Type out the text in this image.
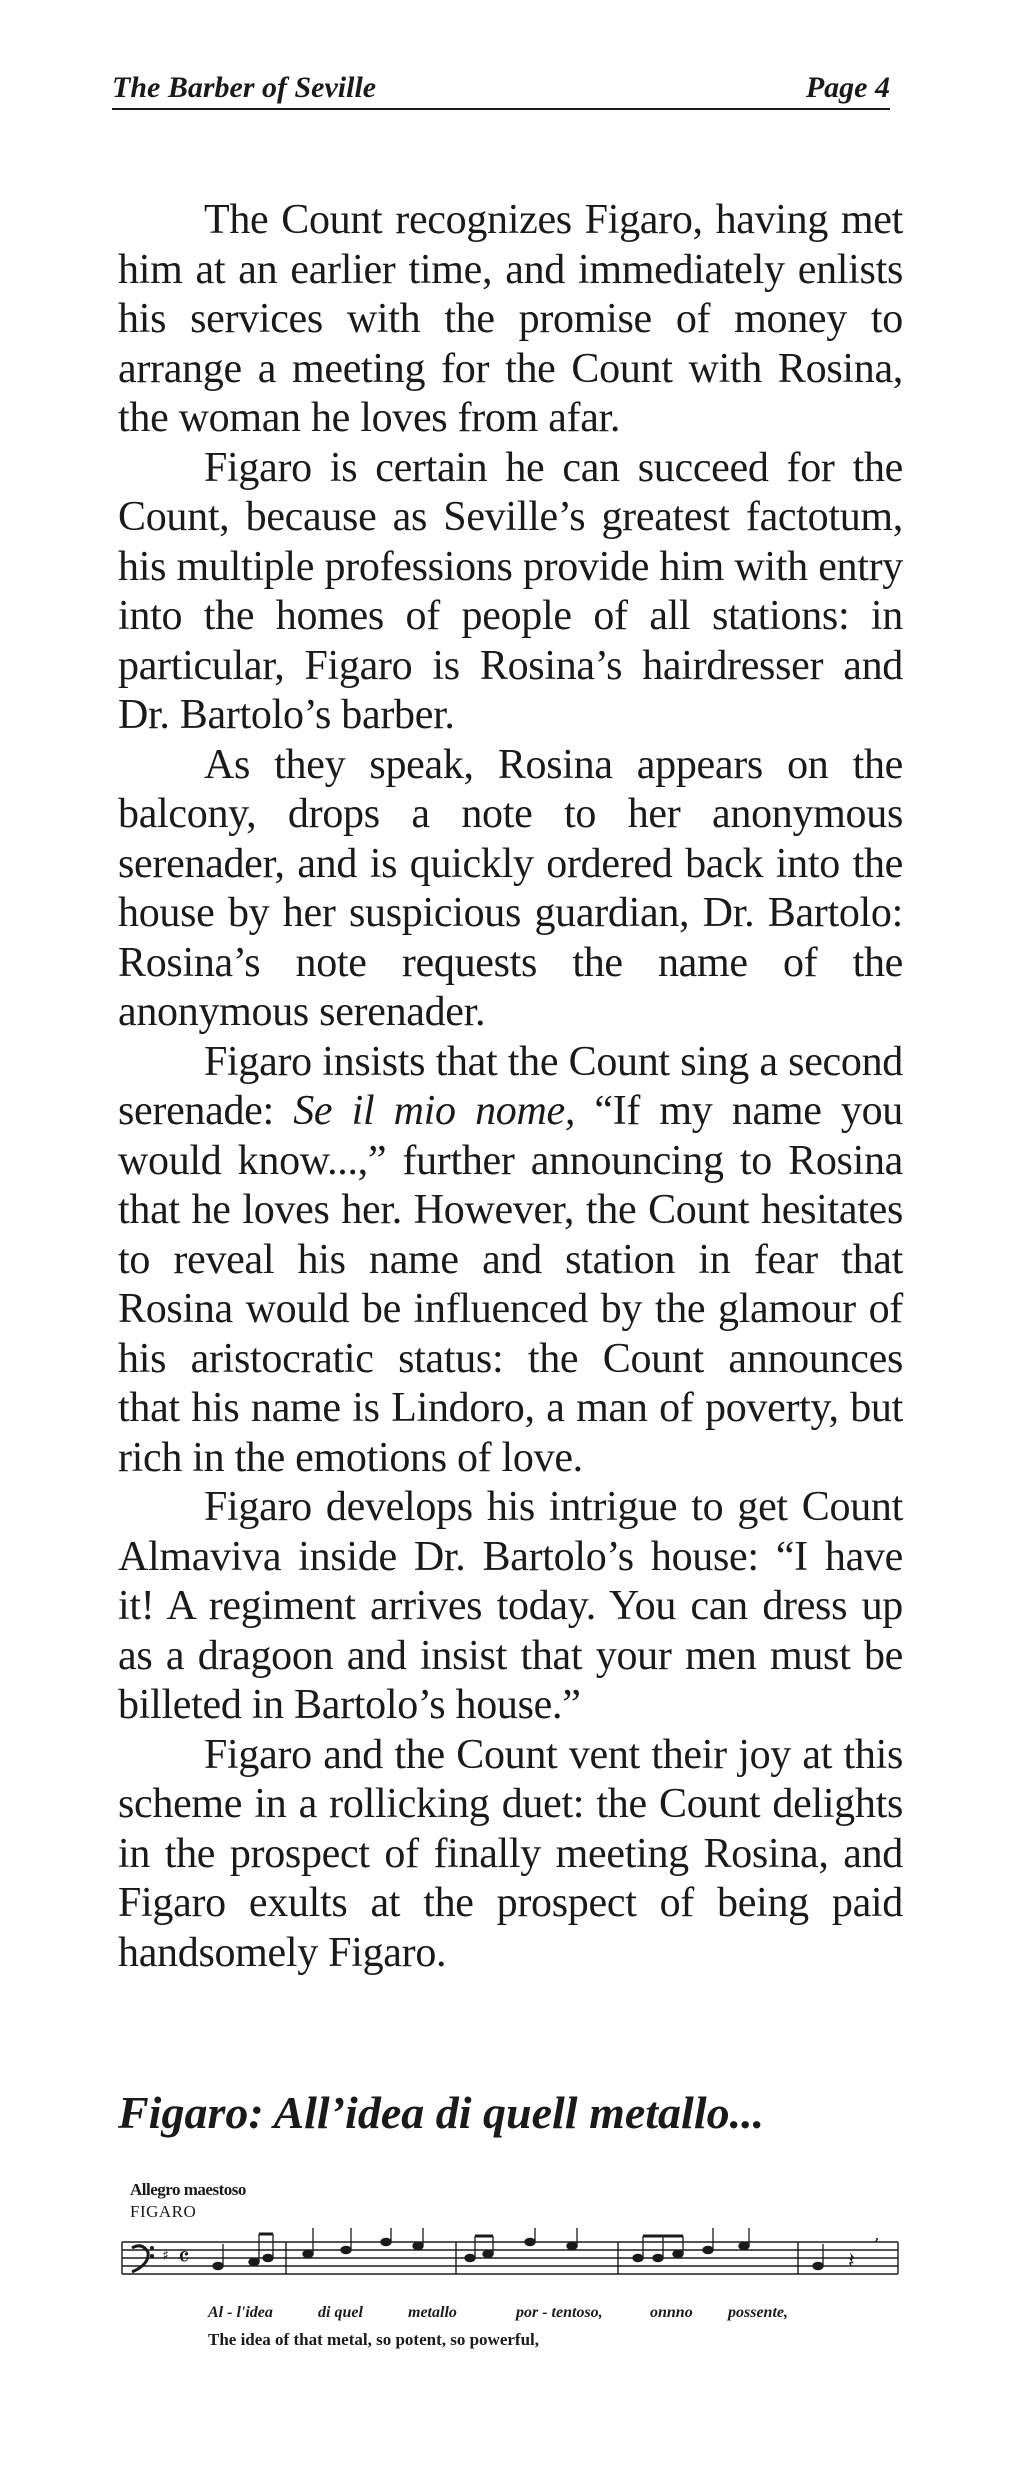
The Barber of Seville	Page 4

The Count recognizes Figaro, having met him at an earlier time, and immediately enlists his services with the promise of money to arrange a meeting for the Count with Rosina, the woman he loves from afar.

Figaro is certain he can succeed for the Count, because as Seville’s greatest factotum, his multiple professions provide him with entry into the homes of people of all stations: in particular, Figaro is Rosina’s hairdresser and Dr. Bartolo’s barber.

As they speak, Rosina appears on the balcony, drops a note to her anonymous serenader, and is quickly ordered back into the house by her suspicious guardian, Dr. Bartolo: Rosina’s note requests the name of the anonymous serenader.

Figaro insists that the Count sing a second serenade: Se il mio nome, “If my name you would know...,” further announcing to Rosina that he loves her. However, the Count hesitates to reveal his name and station in fear that Rosina would be influenced by the glamour of his aristocratic status: the Count announces that his name is Lindoro, a man of poverty, but rich in the emotions of love.

Figaro develops his intrigue to get Count Almaviva inside Dr. Bartolo’s house: “I have it! A regiment arrives today. You can dress up as a dragoon and insist that your men must be billeted in Bartolo’s house.”

Figaro and the Count vent their joy at this scheme in a rollicking duet: the Count delights in the prospect of finally meeting Rosina, and Figaro exults at the prospect of being paid handsomely Figaro.

Figaro: All’idea di quell metallo...
Allegro maestoso
FIGARO
♯ 𝄴	𝄽
,
Al - l'idea	di quel	metallo	por - tentoso,	onnno possente,
The idea of that metal, so potent, so powerful,
